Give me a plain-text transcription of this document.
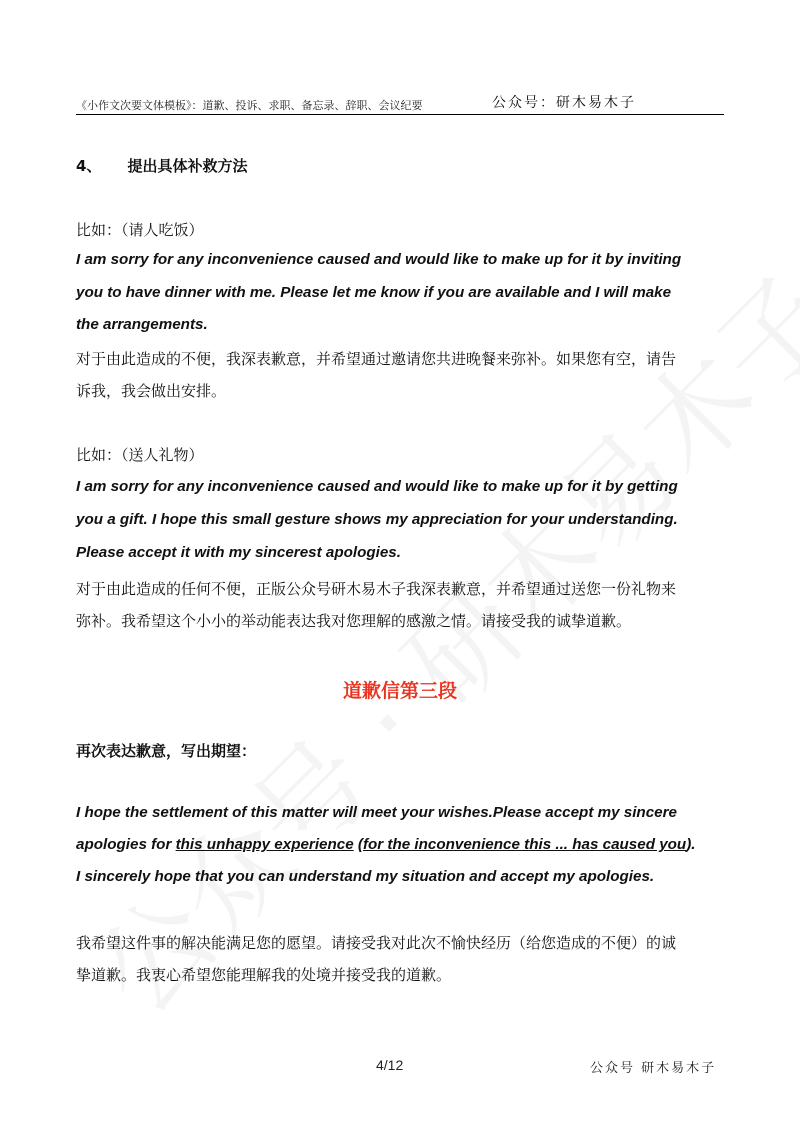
《小作文次要文体模板》：道歉、投诉、求职、备忘录、辞职、会议纪要	公众号：研木易木子
4、 提出具体补救方法
比如：（请人吃饭）
I am sorry for any inconvenience caused and would like to make up for it by inviting
you to have dinner with me. Please let me know if you are available and I will make
the arrangements.
对于由此造成的不便，我深表歉意，并希望通过邀请您共进晚餐来弥补。如果您有空，请告
诉我，我会做出安排。
比如：（送人礼物）
I am sorry for any inconvenience caused and would like to make up for it by getting
you a gift. I hope this small gesture shows my appreciation for your understanding.
Please accept it with my sincerest apologies.
对于由此造成的任何不便，正版公众号研木易木子我深表歉意，并希望通过送您一份礼物来
弥补。我希望这个小小的举动能表达我对您理解的感激之情。请接受我的诚挚道歉。
道歉信第三段
再次表达歉意，写出期望：
I hope the settlement of this matter will meet your wishes.Please accept my sincere
apologies for this unhappy experience (for the inconvenience this ... has caused you).
I sincerely hope that you can understand my situation and accept my apologies.
我希望这件事的解决能满足您的愿望。请接受我对此次不愉快经历（给您造成的不便）的诚
挚道歉。我衷心希望您能理解我的处境并接受我的道歉。
4/12	公众号 研木易木子
